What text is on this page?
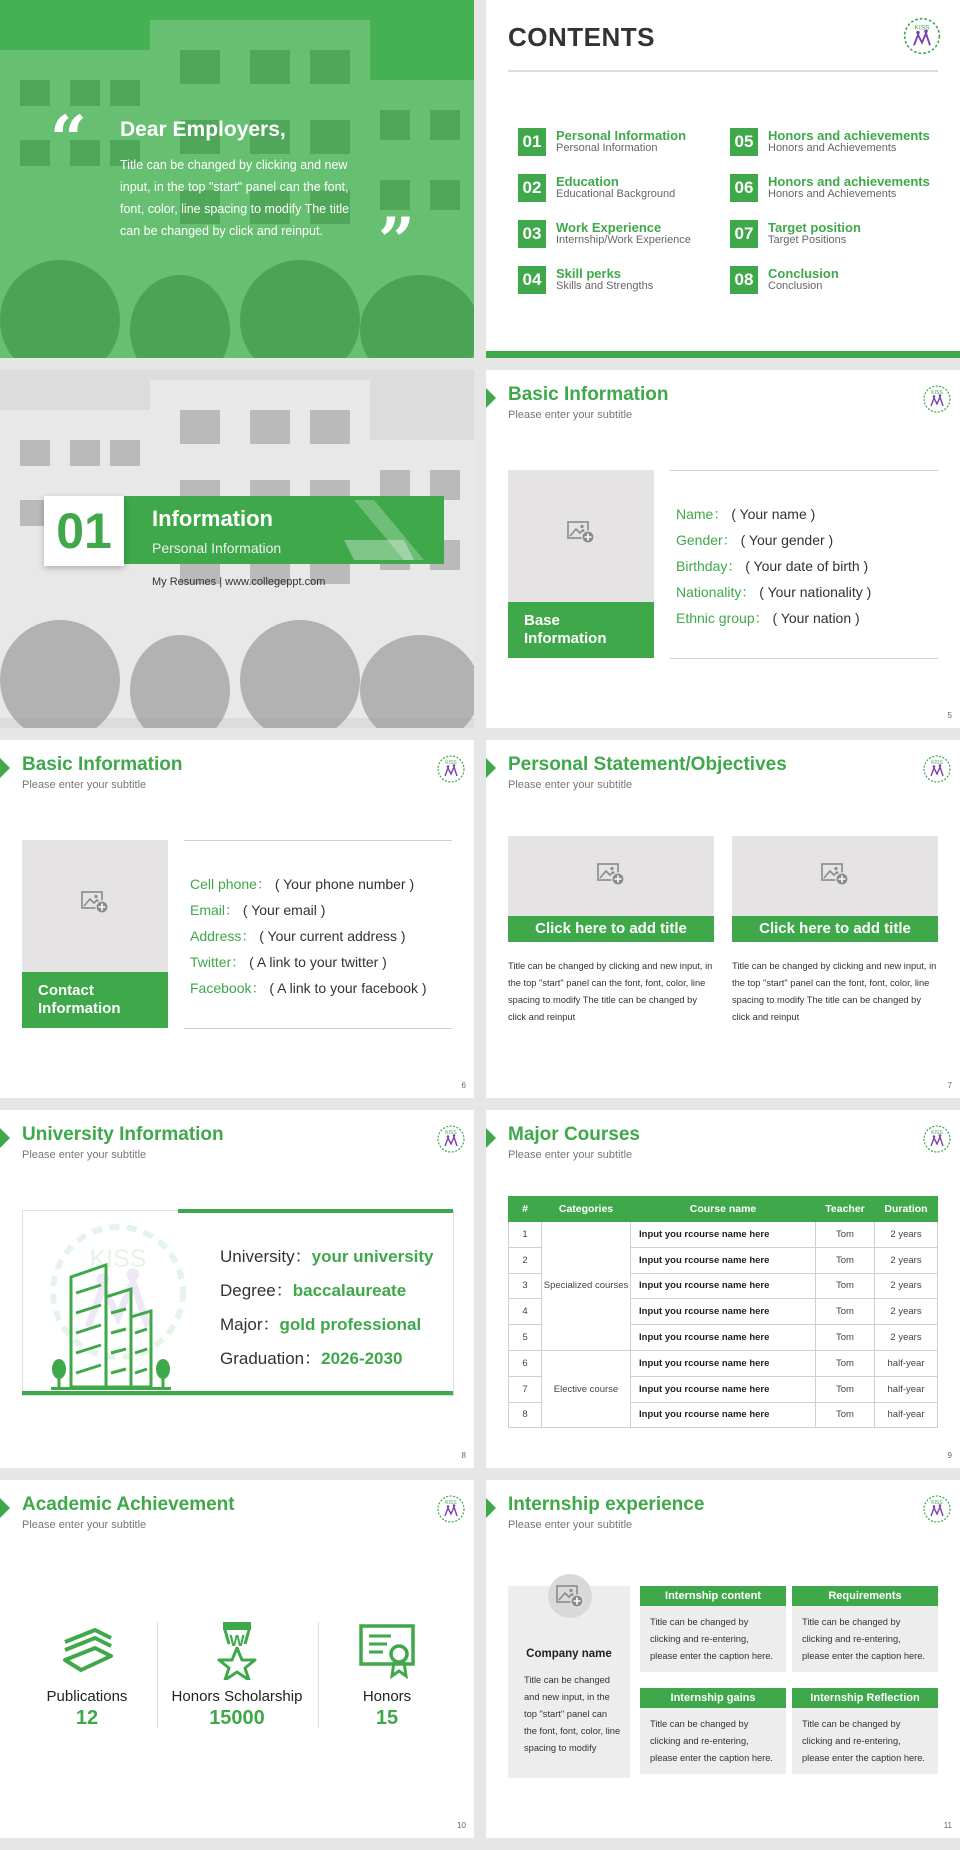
“ Dear Employers,
Title can be changed by clicking and new input, in the top "start" panel can the font, font, color, line spacing to modify The title can be changed by click and reinput. ”
CONTENTS
01	Personal Information
Personal Information
02	Education
Educational Background
03	Work Experience
Internship/Work Experience
04	Skill perks
Skills and Strengths
05	Honors and achievements
Honors and Achievements
06	Honors and achievements
Honors and Achievements
07	Target position
Target Positions
08	Conclusion
Conclusion
01	Information
Personal Information
My Resumes | www.collegeppt.com
Basic Information
Please enter your subtitle
Base Information
Name： ( Your name )
Gender： ( Your gender )
Birthday： ( Your date of birth )
Nationality： ( Your nationality )
Ethnic group： ( Your nation )
5
Basic Information
Please enter your subtitle
Contact Information
Cell phone： ( Your phone number )
Email： ( Your email )
Address： ( Your current address )
Twitter： ( A link to your twitter )
Facebook： ( A link to your facebook )
6
Personal Statement/Objectives
Please enter your subtitle
Click here to add title
Title can be changed by clicking and new input, in the top "start" panel can the font, font, color, line spacing to modify The title can be changed by click and reinput
Click here to add title
Title can be changed by clicking and new input, in the top "start" panel can the font, font, color, line spacing to modify The title can be changed by click and reinput
7
University Information
Please enter your subtitle
University：your university
Degree：baccalaureate
Major：gold professional
Graduation：2026-2030
8
Major Courses
Please enter your subtitle
#	Categories	Course name	Teacher	Duration
1	Specialized courses	Input you rcourse name here	Tom	2 years
2		Input you rcourse name here	Tom	2 years
3		Input you rcourse name here	Tom	2 years
4		Input you rcourse name here	Tom	2 years
5		Input you rcourse name here	Tom	2 years
6	Elective course	Input you rcourse name here	Tom	half-year
7		Input you rcourse name here	Tom	half-year
8		Input you rcourse name here	Tom	half-year
9
Academic Achievement
Please enter your subtitle
Publications
12
W
Honors Scholarship
15000
Honors
15
10
Internship experience
Please enter your subtitle
Company name
Title can be changed and new input, in the top "start" panel can the font, font, color, line spacing to modify
Internship content
Title can be changed by clicking and re-entering, please enter the caption here.
Requirements
Title can be changed by clicking and re-entering, please enter the caption here.
Internship gains
Title can be changed by clicking and re-entering, please enter the caption here.
Internship Reflection
Title can be changed by clicking and re-entering, please enter the caption here.
11
